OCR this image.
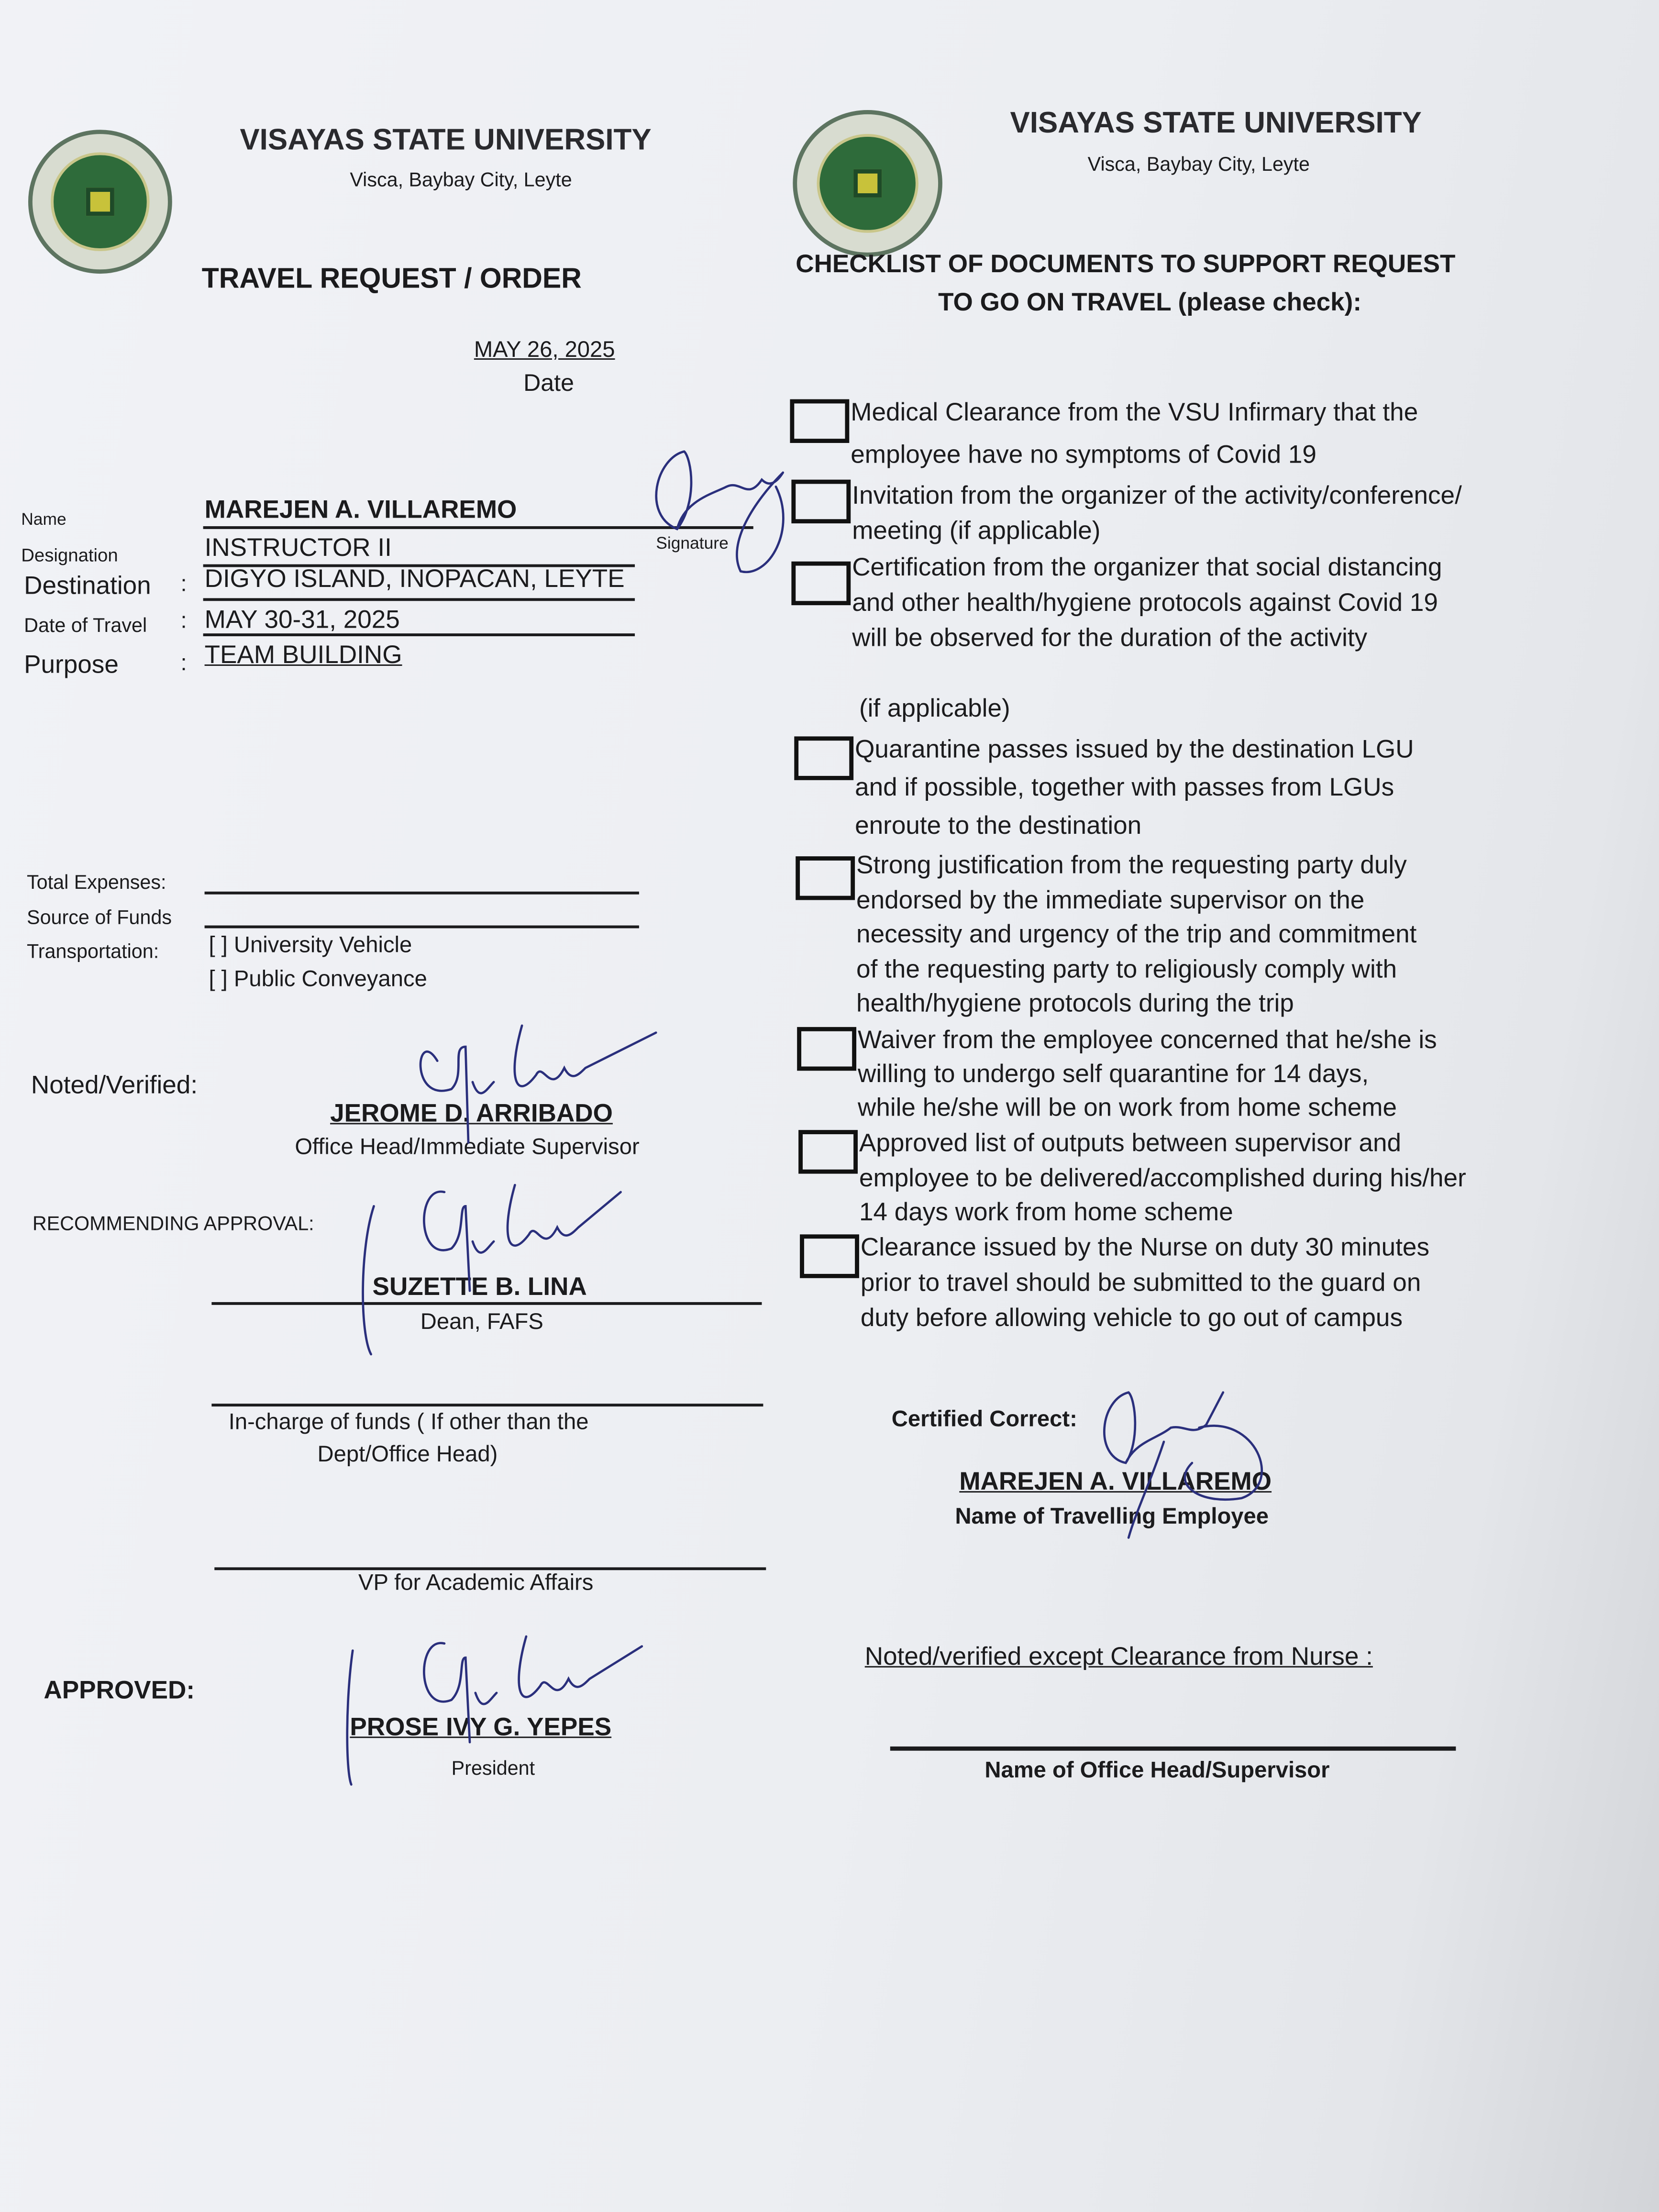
VISAYAS STATE UNIVERSITY
Visca, Baybay City, Leyte
TRAVEL REQUEST / ORDER
MAY 26, 2025
Date
Name	MAREJEN A. VILLAREMO
Signature
Designation	INSTRUCTOR II
Destination	: DIGYO ISLAND, INOPACAN, LEYTE
Date of Travel	: MAY 30-31, 2025
Purpose	: TEAM BUILDING
Total Expenses:
Source of Funds
Transportation:	[ ] University Vehicle
[ ] Public Conveyance
Noted/Verified:
JEROME D. ARRIBADO
Office Head/Immediate Supervisor
RECOMMENDING APPROVAL:
SUZETTE B. LINA
Dean, FAFS
In-charge of funds ( If other than the
Dept/Office Head)
VP for Academic Affairs
APPROVED:
PROSE IVY G. YEPES
President
VISAYAS STATE UNIVERSITY
Visca, Baybay City, Leyte
CHECKLIST OF DOCUMENTS TO SUPPORT REQUEST
TO GO ON TRAVEL (please check):
Medical Clearance from the VSU Infirmary that the
employee have no symptoms of Covid 19
Invitation from the organizer of the activity/conference/
meeting (if applicable)
Certification from the organizer that social distancing
and other health/hygiene protocols against Covid 19
will be observed for the duration of the activity
(if applicable)
Quarantine passes issued by the destination LGU
and if possible, together with passes from LGUs
enroute to the destination
Strong justification from the requesting party duly
endorsed by the immediate supervisor on the
necessity and urgency of the trip and commitment
of the requesting party to religiously comply with
health/hygiene protocols during the trip
Waiver from the employee concerned that he/she is
willing to undergo self quarantine for 14 days,
while he/she will be on work from home scheme
Approved list of outputs between supervisor and
employee to be delivered/accomplished during his/her
14 days work from home scheme
Clearance issued by the Nurse on duty 30 minutes
prior to travel should be submitted to the guard on
duty before allowing vehicle to go out of campus
Certified Correct:
MAREJEN A. VILLAREMO
Name of Travelling Employee
Noted/verified except Clearance from Nurse :
Name of Office Head/Supervisor
